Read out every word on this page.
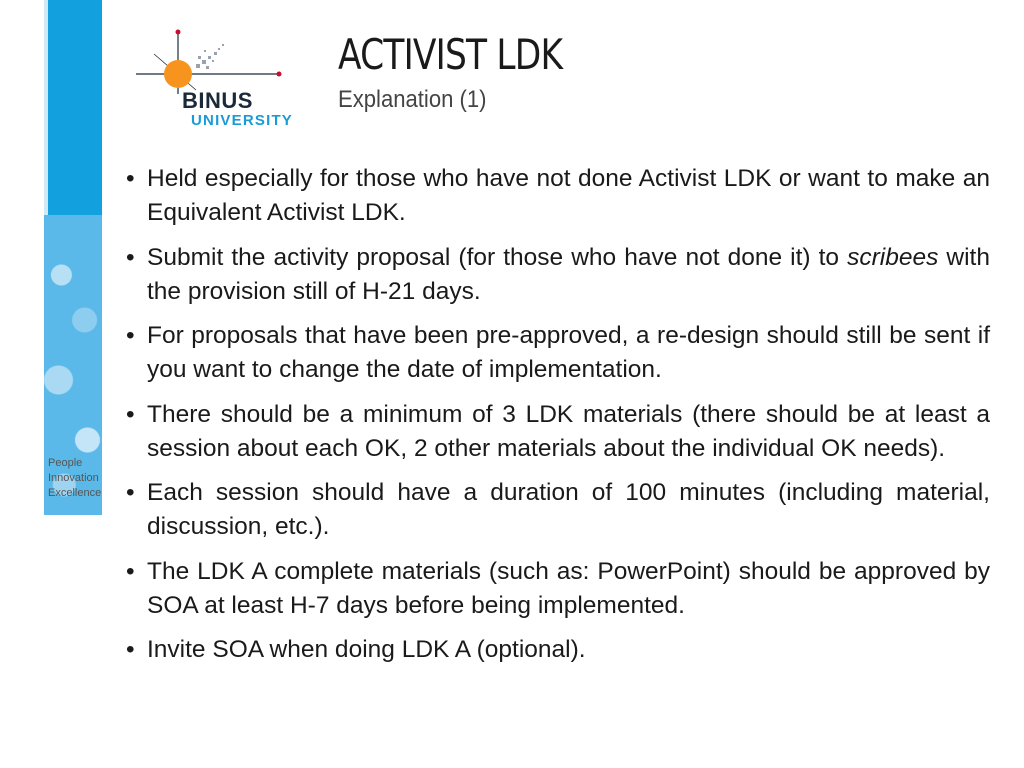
People
Innovation
Excellence
BINUS
UNIVERSITY
ACTIVIST LDK
Explanation (1)
• Held especially for those who have not done Activist LDK or want to make an Equivalent Activist LDK.
• Submit the activity proposal (for those who have not done it) to scribees with the provision still of H-21 days.
• For proposals that have been pre-approved, a re-design should still be sent if you want to change the date of implementation.
• There should be a minimum of 3 LDK materials (there should be at least a session about each OK, 2 other materials about the individual OK needs).
• Each session should have a duration of 100 minutes (including material, discussion, etc.).
• The LDK A complete materials (such as: PowerPoint) should be approved by SOA at least H-7 days before being implemented.
• Invite SOA when doing LDK A (optional).
